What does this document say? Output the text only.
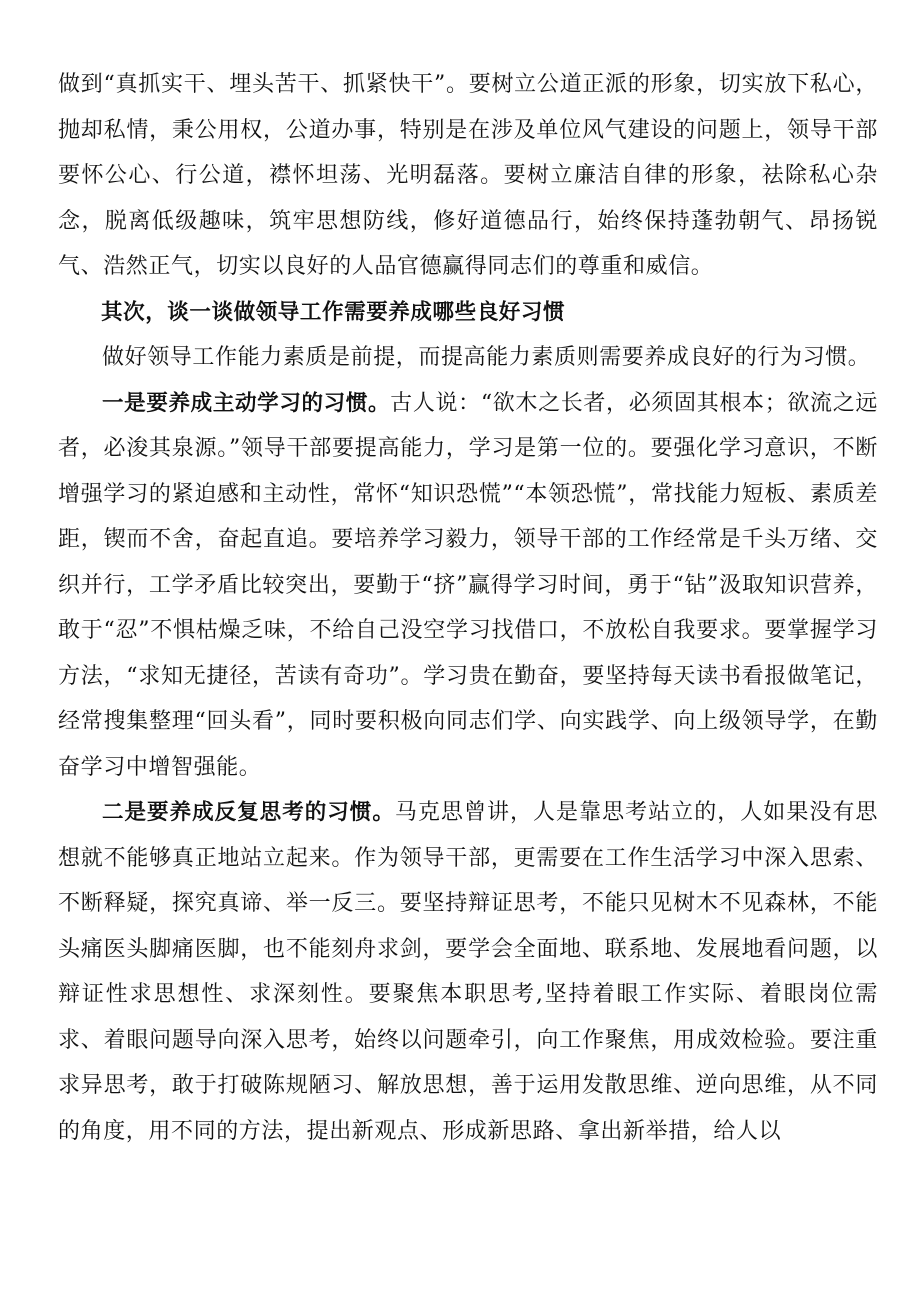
做到“真抓实干、埋头苦干、抓紧快干”。要树立公道正派的形象，切实放下私心，抛却私情，秉公用权，公道办事，特别是在涉及单位风气建设的问题上，领导干部要怀公心、行公道，襟怀坦荡、光明磊落。要树立廉洁自律的形象，祛除私心杂念，脱离低级趣味，筑牢思想防线，修好道德品行，始终保持蓬勃朝气、昂扬锐气、浩然正气，切实以良好的人品官德赢得同志们的尊重和威信。

其次，谈一谈做领导工作需要养成哪些良好习惯

做好领导工作能力素质是前提，而提高能力素质则需要养成良好的行为习惯。

一是要养成主动学习的习惯。古人说：“欲木之长者，必须固其根本；欲流之远者，必浚其泉源。”领导干部要提高能力，学习是第一位的。要强化学习意识，不断增强学习的紧迫感和主动性，常怀“知识恐慌”“本领恐慌”，常找能力短板、素质差距，锲而不舍，奋起直追。要培养学习毅力，领导干部的工作经常是千头万绪、交织并行，工学矛盾比较突出，要勤于“挤”赢得学习时间，勇于“钻”汲取知识营养，敢于“忍”不惧枯燥乏味，不给自己没空学习找借口，不放松自我要求。要掌握学习方法，“求知无捷径，苦读有奇功”。学习贵在勤奋，要坚持每天读书看报做笔记，经常搜集整理“回头看”，同时要积极向同志们学、向实践学、向上级领导学，在勤奋学习中增智强能。

二是要养成反复思考的习惯。马克思曾讲，人是靠思考站立的，人如果没有思想就不能够真正地站立起来。作为领导干部，更需要在工作生活学习中深入思索、不断释疑，探究真谛、举一反三。要坚持辩证思考，不能只见树木不见森林，不能头痛医头脚痛医脚，也不能刻舟求剑，要学会全面地、联系地、发展地看问题，以辩证性求思想性、求深刻性。要聚焦本职思考,坚持着眼工作实际、着眼岗位需求、着眼问题导向深入思考，始终以问题牵引，向工作聚焦，用成效检验。要注重求异思考，敢于打破陈规陋习、解放思想，善于运用发散思维、逆向思维，从不同的角度，用不同的方法，提出新观点、形成新思路、拿出新举措，给人以
